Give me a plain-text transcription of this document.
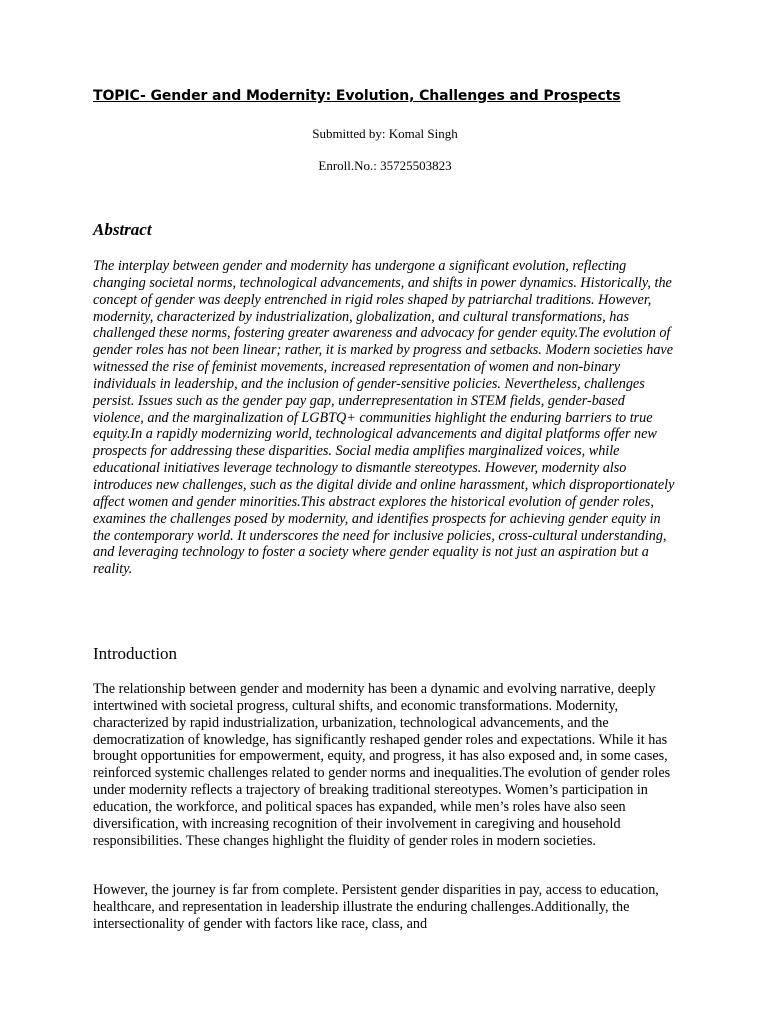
TOPIC- Gender and Modernity: Evolution, Challenges and Prospects

Submitted by: Komal Singh

Enroll.No.: 35725503823

Abstract

The interplay between gender and modernity has undergone a significant evolution, reflecting changing societal norms, technological advancements, and shifts in power dynamics. Historically, the concept of gender was deeply entrenched in rigid roles shaped by patriarchal traditions. However, modernity, characterized by industrialization, globalization, and cultural transformations, has challenged these norms, fostering greater awareness and advocacy for gender equity.The evolution of gender roles has not been linear; rather, it is marked by progress and setbacks. Modern societies have witnessed the rise of feminist movements, increased representation of women and non-binary individuals in leadership, and the inclusion of gender-sensitive policies. Nevertheless, challenges persist. Issues such as the gender pay gap, underrepresentation in STEM fields, gender-based violence, and the marginalization of LGBTQ+ communities highlight the enduring barriers to true equity.In a rapidly modernizing world, technological advancements and digital platforms offer new prospects for addressing these disparities. Social media amplifies marginalized voices, while educational initiatives leverage technology to dismantle stereotypes. However, modernity also introduces new challenges, such as the digital divide and online harassment, which disproportionately affect women and gender minorities.This abstract explores the historical evolution of gender roles, examines the challenges posed by modernity, and identifies prospects for achieving gender equity in the contemporary world. It underscores the need for inclusive policies, cross-cultural understanding, and leveraging technology to foster a society where gender equality is not just an aspiration but a reality.

Introduction

The relationship between gender and modernity has been a dynamic and evolving narrative, deeply intertwined with societal progress, cultural shifts, and economic transformations. Modernity, characterized by rapid industrialization, urbanization, technological advancements, and the democratization of knowledge, has significantly reshaped gender roles and expectations. While it has brought opportunities for empowerment, equity, and progress, it has also exposed and, in some cases, reinforced systemic challenges related to gender norms and inequalities.The evolution of gender roles under modernity reflects a trajectory of breaking traditional stereotypes. Women’s participation in education, the workforce, and political spaces has expanded, while men’s roles have also seen diversification, with increasing recognition of their involvement in caregiving and household responsibilities. These changes highlight the fluidity of gender roles in modern societies.

However, the journey is far from complete. Persistent gender disparities in pay, access to education, healthcare, and representation in leadership illustrate the enduring challenges.Additionally, the intersectionality of gender with factors like race, class, and
